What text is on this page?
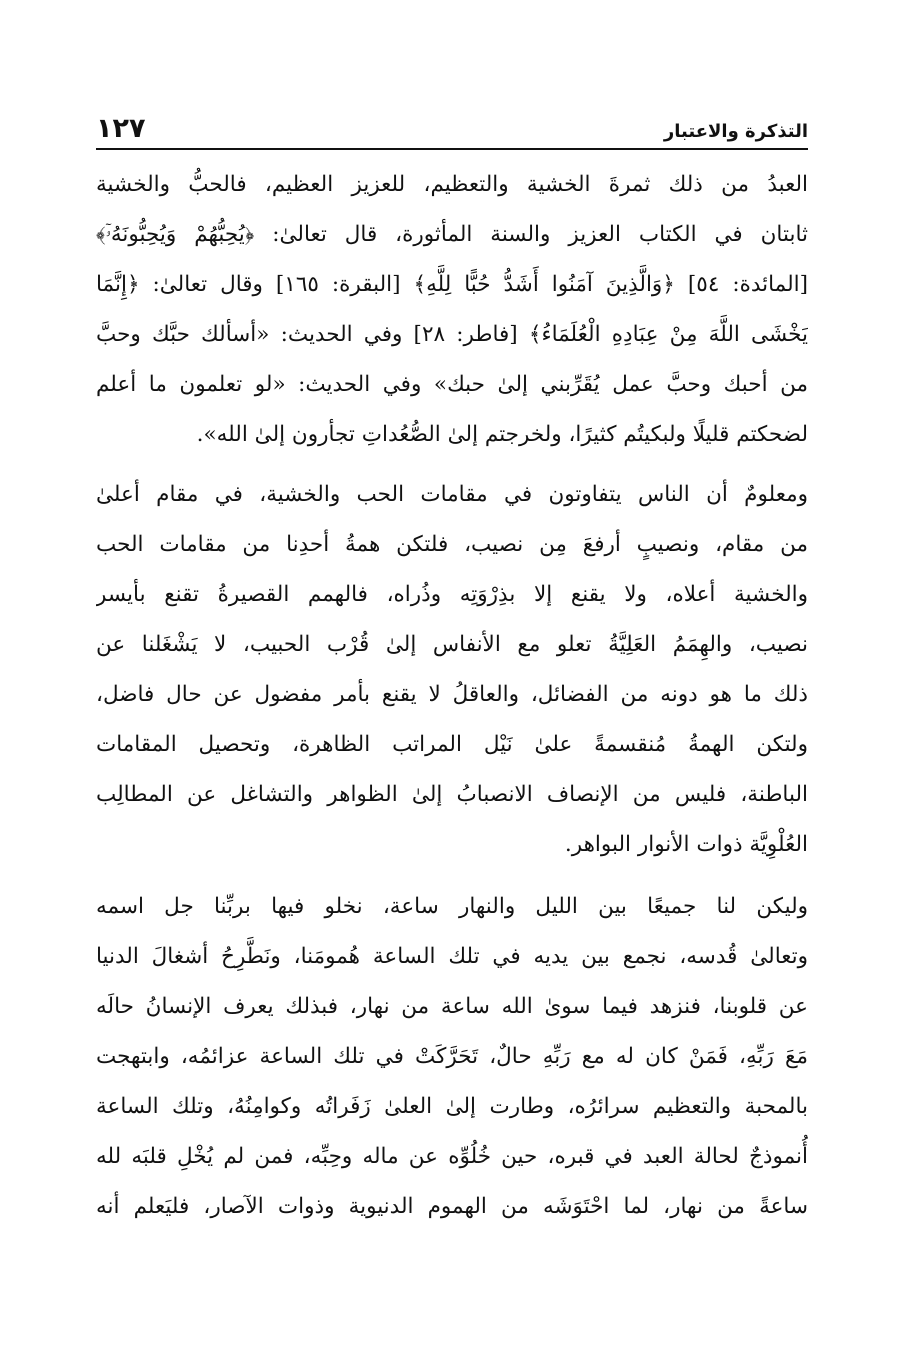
التذكرة والاعتبار
١٢٧
العبدُ من ذلك ثمرةَ الخشية والتعظيم، للعزيز العظيم، فالحبُّ والخشية
ثابتان في الكتاب العزيز والسنة المأثورة، قال تعالىٰ: ﴿يُحِبُّهُمْ وَيُحِبُّونَهُۥٓ﴾
[المائدة: ٥٤] ﴿وَالَّذِينَ آمَنُوا أَشَدُّ حُبًّا لِلَّهِ﴾ [البقرة: ١٦٥] وقال تعالىٰ: ﴿إِنَّمَا
يَخْشَى اللَّهَ مِنْ عِبَادِهِ الْعُلَمَاءُ﴾ [فاطر: ٢٨] وفي الحديث: «أسألك حبَّك وحبَّ
من أحبك وحبَّ عمل يُقَرِّبني إلىٰ حبك» وفي الحديث: «لو تعلمون ما أعلم
لضحكتم قليلًا ولبكيتُم كثيرًا، ولخرجتم إلىٰ الصُّعُداتِ تجأرون إلىٰ الله».
ومعلومٌ أن الناس يتفاوتون في مقامات الحب والخشية، في مقام أعلىٰ
من مقام، ونصيبٍ أرفعَ مِن نصيب، فلتكن همةُ أحدِنا من مقامات الحب
والخشية أعلاه، ولا يقنع إلا بذِرْوَتِه وذُراه، فالهمم القصيرةُ تقنع بأيسر
نصيب، والهِمَمُ العَلِيَّةُ تعلو مع الأنفاس إلىٰ قُرْب الحبيب، لا يَشْغَلنا عن
ذلك ما هو دونه من الفضائل، والعاقلُ لا يقنع بأمر مفضول عن حال فاضل،
ولتكن الهمةُ مُنقسمةً علىٰ نَيْل المراتب الظاهرة، وتحصيل المقامات
الباطنة، فليس من الإنصاف الانصبابُ إلىٰ الظواهر والتشاغل عن المطالِب
العُلْوِيَّة ذوات الأنوار البواهر.
وليكن لنا جميعًا بين الليل والنهار ساعة، نخلو فيها بربِّنا جل اسمه
وتعالىٰ قُدسه، نجمع بين يديه في تلك الساعة هُمومَنا، ونَطَّرِحُ أشغالَ الدنيا
عن قلوبنا، فنزهد فيما سوىٰ الله ساعة من نهار، فبذلك يعرف الإنسانُ حالَه
مَعَ رَبِّهِ، فَمَنْ كان له مع رَبِّهِ حالٌ، تَحَرَّكَتْ في تلك الساعة عزائمُه، وابتهجت
بالمحبة والتعظيم سرائرُه، وطارت إلىٰ العلىٰ زَفَراتُه وكوامِنُهُ، وتلك الساعة
أُنموذجٌ لحالة العبد في قبره، حين خُلُوِّه عن ماله وحِبِّه، فمن لم يُخْلِ قلبَه لله
ساعةً من نهار، لما احْتَوَشَه من الهموم الدنيوية وذوات الآصار، فليَعلم أنه
